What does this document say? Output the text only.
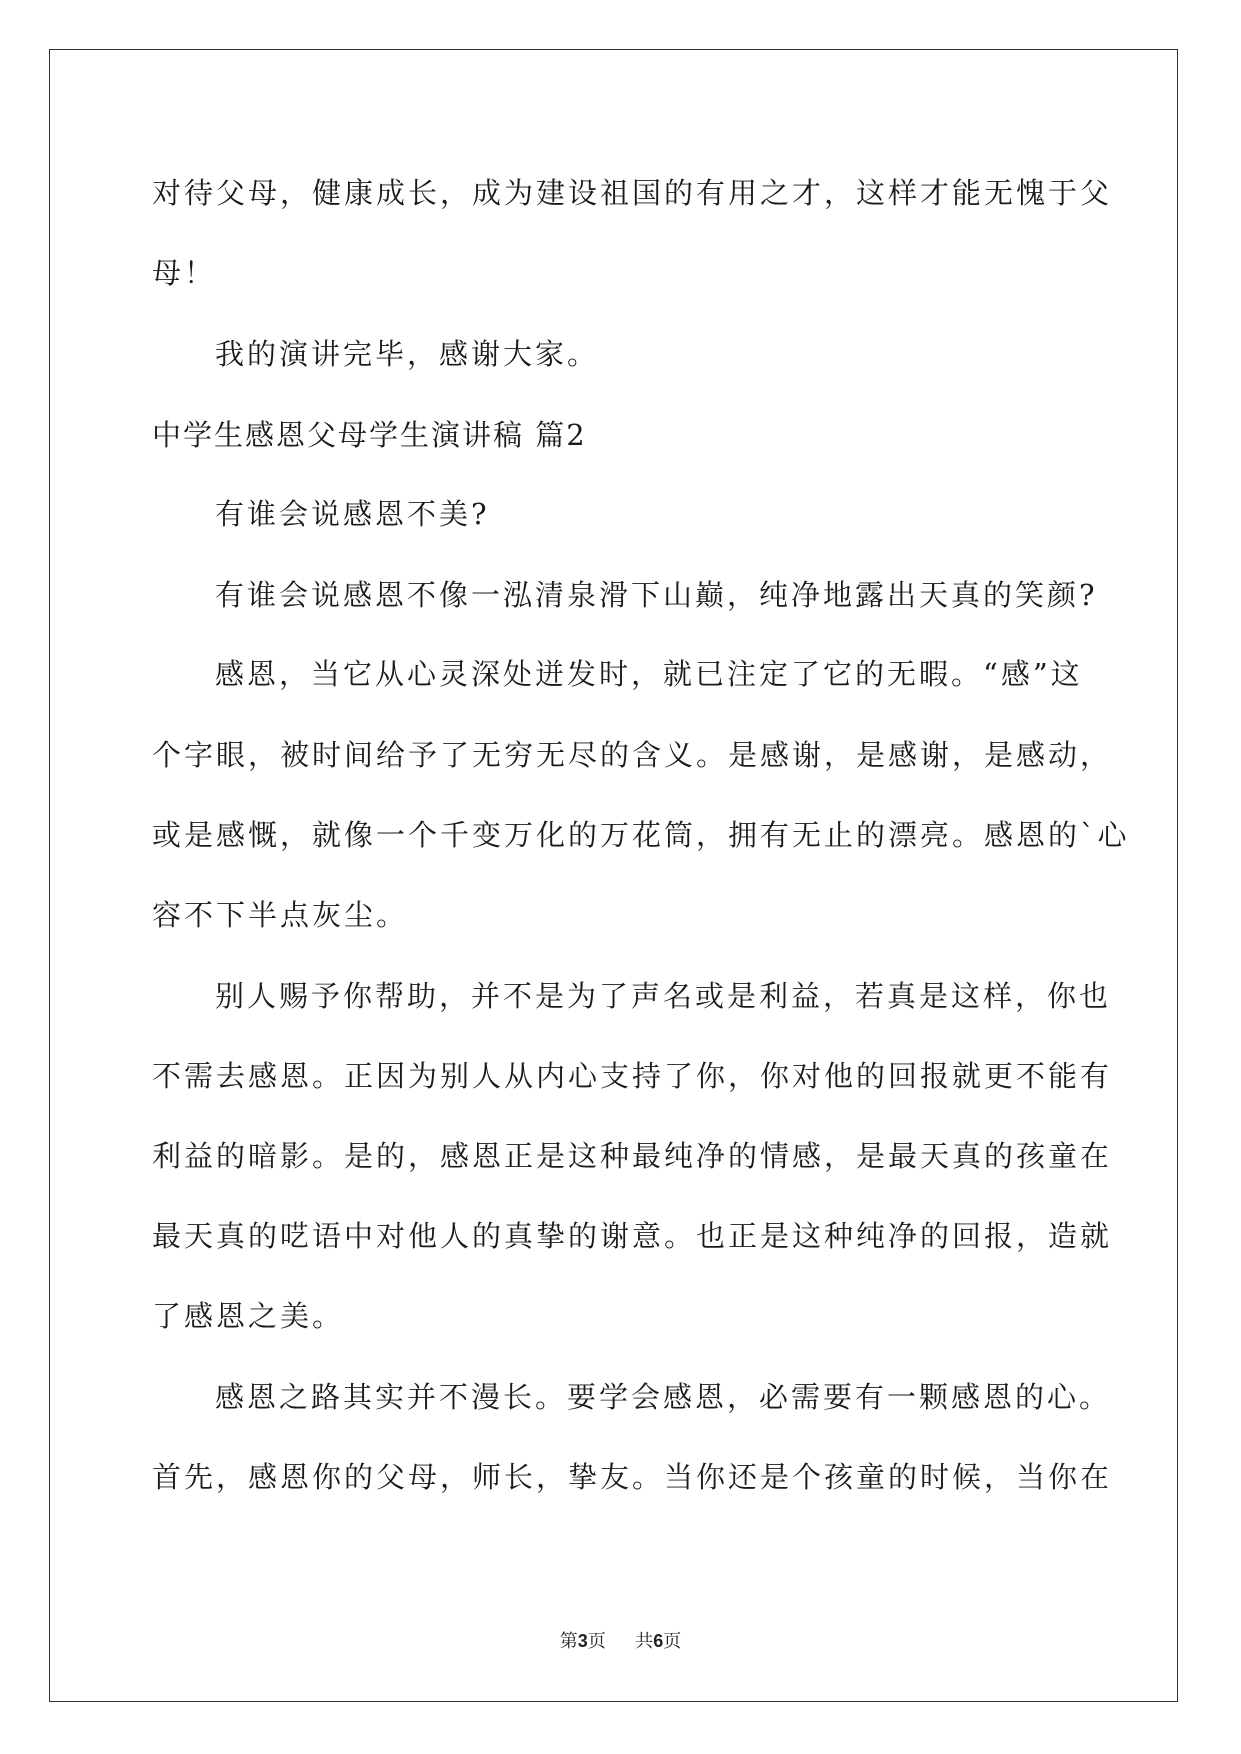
对待父母，健康成长，成为建设祖国的有用之才，这样才能无愧于父
母！
我的演讲完毕，感谢大家。
中学生感恩父母学生演讲稿 篇2
有谁会说感恩不美?
有谁会说感恩不像一泓清泉滑下山巅，纯净地露出天真的笑颜?
感恩，当它从心灵深处迸发时，就已注定了它的无暇。“感”这
个字眼，被时间给予了无穷无尽的含义。是感谢，是感谢，是感动，
或是感慨，就像一个千变万化的万花筒，拥有无止的漂亮。感恩的`心
容不下半点灰尘。
别人赐予你帮助，并不是为了声名或是利益，若真是这样，你也
不需去感恩。正因为别人从内心支持了你，你对他的回报就更不能有
利益的暗影。是的，感恩正是这种最纯净的情感，是最天真的孩童在
最天真的呓语中对他人的真挚的谢意。也正是这种纯净的回报，造就
了感恩之美。
感恩之路其实并不漫长。要学会感恩，必需要有一颗感恩的心。
首先，感恩你的父母，师长，挚友。当你还是个孩童的时候，当你在
第3页 共6页
